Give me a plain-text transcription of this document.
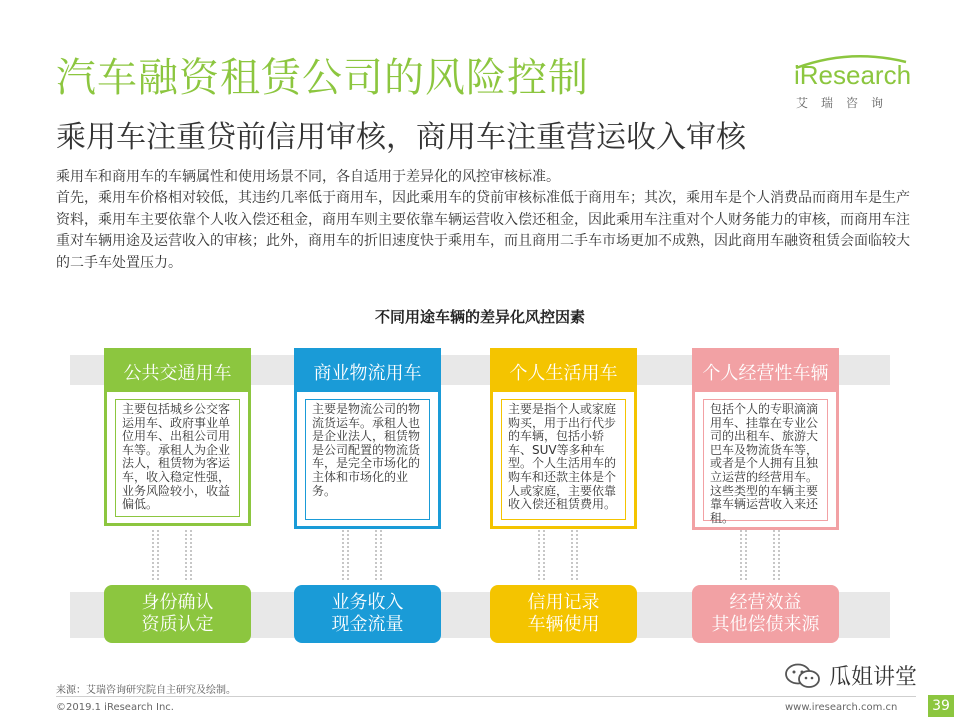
汽车融资租赁公司的风险控制
乘用车注重贷前信用审核，商用车注重营运收入审核
iResearch
艾瑞咨询
乘用车和商用车的车辆属性和使用场景不同，各自适用于差异化的风控审核标准。
首先，乘用车价格相对较低，其违约几率低于商用车，因此乘用车的贷前审核标准低于商用车；其次，乘用车是个人消费品而商用车是生产资料，乘用车主要依靠个人收入偿还租金，商用车则主要依靠车辆运营收入偿还租金，因此乘用车注重对个人财务能力的审核，而商用车注重对车辆用途及运营收入的审核；此外，商用车的折旧速度快于乘用车，而且商用二手车市场更加不成熟，因此商用车融资租赁会面临较大的二手车处置压力。
不同用途车辆的差异化风控因素
公共交通用车
主要包括城乡公交客运用车、政府事业单位用车、出租公司用车等。承租人为企业法人，租赁物为客运车，收入稳定性强，业务风险较小，收益偏低。
商业物流用车
主要是物流公司的物流货运车。承租人也是企业法人，租赁物是公司配置的物流货车，是完全市场化的主体和市场化的业务。
个人生活用车
主要是指个人或家庭购买，用于出行代步的车辆，包括小轿车、SUV等多种车型。个人生活用车的购车和还款主体是个人或家庭，主要依靠收入偿还租赁费用。
个人经营性车辆
包括个人的专职滴滴用车、挂靠在专业公司的出租车、旅游大巴车及物流货车等，或者是个人拥有且独立运营的经营用车。这些类型的车辆主要靠车辆运营收入来还租。
身份确认
资质认定
业务收入
现金流量
信用记录
车辆使用
经营效益
其他偿债来源
瓜姐讲堂
来源：艾瑞咨询研究院自主研究及绘制。
©2019.1 iResearch Inc.	www.iresearch.com.cn 39
